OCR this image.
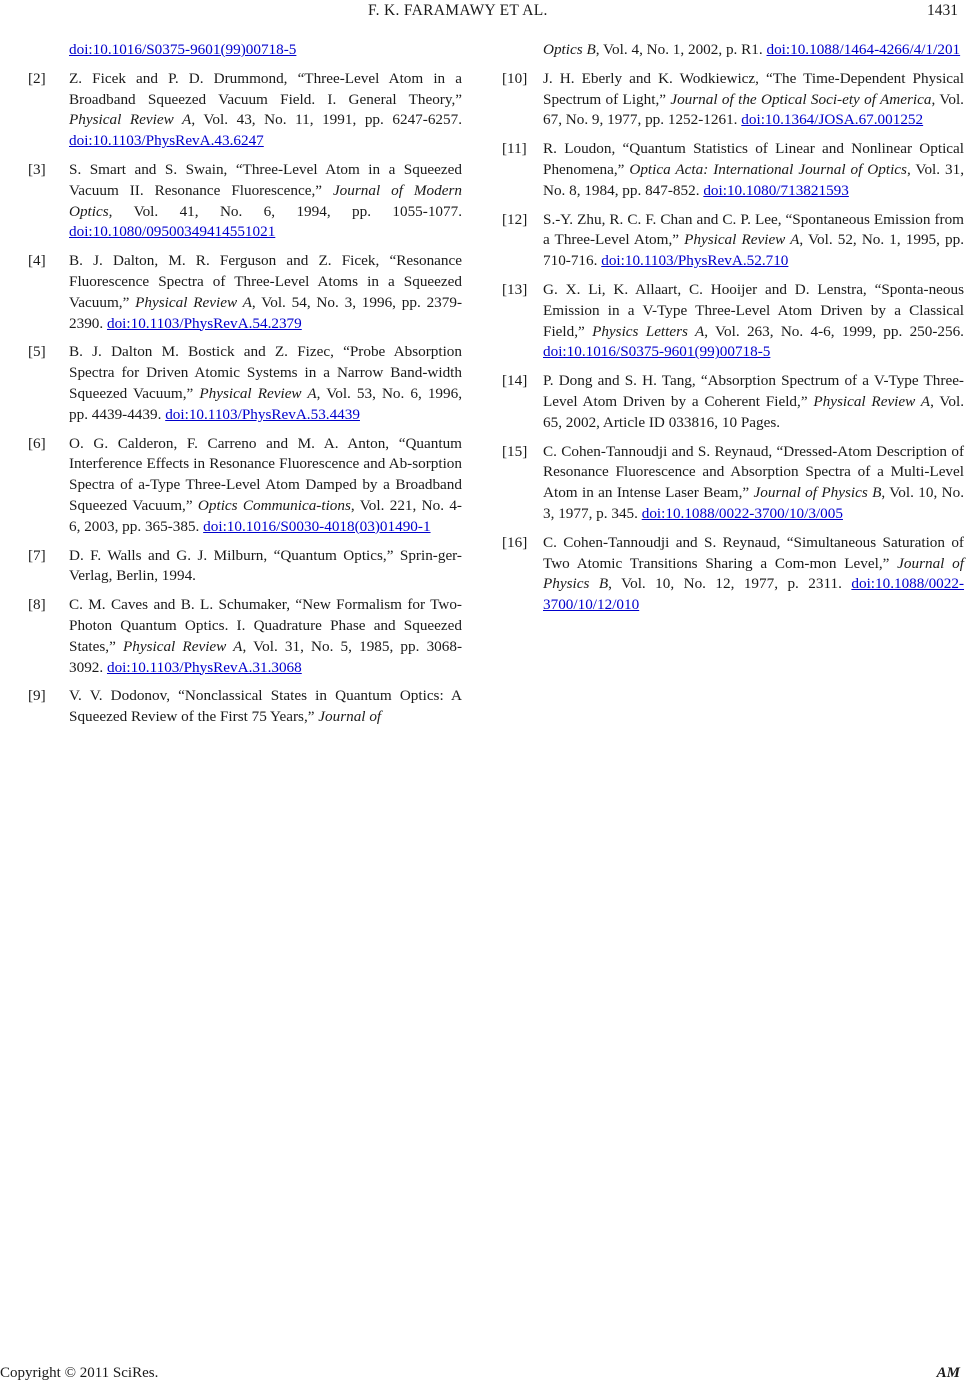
F. K. FARAMAWY ET AL.	1431
doi:10.1016/S0375-9601(99)00718-5
[2]	Z. Ficek and P. D. Drummond, “Three-Level Atom in a Broadband Squeezed Vacuum Field. I. General Theory,” Physical Review A, Vol. 43, No. 11, 1991, pp. 6247-6257. doi:10.1103/PhysRevA.43.6247
[3]	S. Smart and S. Swain, “Three-Level Atom in a Squeezed Vacuum II. Resonance Fluorescence,” Journal of Modern Optics, Vol. 41, No. 6, 1994, pp. 1055-1077. doi:10.1080/09500349414551021
[4]	B. J. Dalton, M. R. Ferguson and Z. Ficek, “Resonance Fluorescence Spectra of Three-Level Atoms in a Squeezed Vacuum,” Physical Review A, Vol. 54, No. 3, 1996, pp. 2379-2390. doi:10.1103/PhysRevA.54.2379
[5]	B. J. Dalton M. Bostick and Z. Fizec, “Probe Absorption Spectra for Driven Atomic Systems in a Narrow Band-width Squeezed Vacuum,” Physical Review A, Vol. 53, No. 6, 1996, pp. 4439-4439. doi:10.1103/PhysRevA.53.4439
[6]	O. G. Calderon, F. Carreno and M. A. Anton, “Quantum Interference Effects in Resonance Fluorescence and Ab-sorption Spectra of a-Type Three-Level Atom Damped by a Broadband Squeezed Vacuum,” Optics Communica-tions, Vol. 221, No. 4-6, 2003, pp. 365-385. doi:10.1016/S0030-4018(03)01490-1
[7]	D. F. Walls and G. J. Milburn, “Quantum Optics,” Sprin-ger-Verlag, Berlin, 1994.
[8]	C. M. Caves and B. L. Schumaker, “New Formalism for Two-Photon Quantum Optics. I. Quadrature Phase and Squeezed States,” Physical Review A, Vol. 31, No. 5, 1985, pp. 3068-3092. doi:10.1103/PhysRevA.31.3068
[9]	V. V. Dodonov, “Nonclassical States in Quantum Optics: A Squeezed Review of the First 75 Years,” Journal of
Optics B, Vol. 4, No. 1, 2002, p. R1. doi:10.1088/1464-4266/4/1/201
[10]	J. H. Eberly and K. Wodkiewicz, “The Time-Dependent Physical Spectrum of Light,” Journal of the Optical Soci-ety of America, Vol. 67, No. 9, 1977, pp. 1252-1261. doi:10.1364/JOSA.67.001252
[11]	R. Loudon, “Quantum Statistics of Linear and Nonlinear Optical Phenomena,” Optica Acta: International Journal of Optics, Vol. 31, No. 8, 1984, pp. 847-852. doi:10.1080/713821593
[12]	S.-Y. Zhu, R. C. F. Chan and C. P. Lee, “Spontaneous Emission from a Three-Level Atom,” Physical Review A, Vol. 52, No. 1, 1995, pp. 710-716. doi:10.1103/PhysRevA.52.710
[13]	G. X. Li, K. Allaart, C. Hooijer and D. Lenstra, “Sponta-neous Emission in a V-Type Three-Level Atom Driven by a Classical Field,” Physics Letters A, Vol. 263, No. 4-6, 1999, pp. 250-256. doi:10.1016/S0375-9601(99)00718-5
[14]	P. Dong and S. H. Tang, “Absorption Spectrum of a V-Type Three-Level Atom Driven by a Coherent Field,” Physical Review A, Vol. 65, 2002, Article ID 033816, 10 Pages.
[15]	C. Cohen-Tannoudji and S. Reynaud, “Dressed-Atom Description of Resonance Fluorescence and Absorption Spectra of a Multi-Level Atom in an Intense Laser Beam,” Journal of Physics B, Vol. 10, No. 3, 1977, p. 345. doi:10.1088/0022-3700/10/3/005
[16]	C. Cohen-Tannoudji and S. Reynaud, “Simultaneous Saturation of Two Atomic Transitions Sharing a Com-mon Level,” Journal of Physics B, Vol. 10, No. 12, 1977, p. 2311. doi:10.1088/0022-3700/10/12/010
Copyright © 2011 SciRes.	AM
